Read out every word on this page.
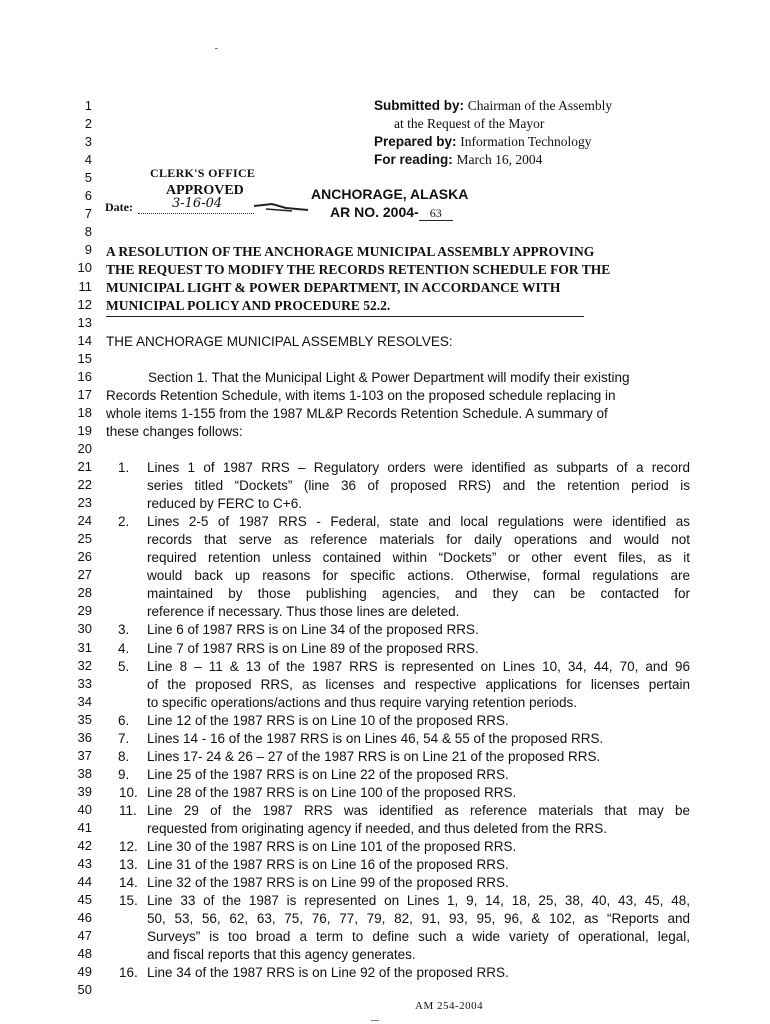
1
2
3
4
5
6
7
8
9
10
11
12
13
14
15
16
17
18
19
20
21
22
23
24
25
26
27
28
29
30
31
32
33
34
35
36
37
38
39
40
41
42
43
44
45
46
47
48
49
50
Submitted by: Chairman of the Assembly
at the Request of the Mayor
Prepared by: Information Technology
For reading: March 16, 2004
CLERK'S OFFICE
APPROVED
Date:	3-16-04
ANCHORAGE, ALASKA
AR NO. 2004- 63
A RESOLUTION OF THE ANCHORAGE MUNICIPAL ASSEMBLY APPROVING
THE REQUEST TO MODIFY THE RECORDS RETENTION SCHEDULE FOR THE
MUNICIPAL LIGHT & POWER DEPARTMENT, IN ACCORDANCE WITH
MUNICIPAL POLICY AND PROCEDURE 52.2.
THE ANCHORAGE MUNICIPAL ASSEMBLY RESOLVES:
Section 1. That the Municipal Light & Power Department will modify their existing
Records Retention Schedule, with items 1-103 on the proposed schedule replacing in
whole items 1-155 from the 1987 ML&P Records Retention Schedule. A summary of
these changes follows:
1. Lines 1 of 1987 RRS – Regulatory orders were identified as subparts of a record
series titled “Dockets” (line 36 of proposed RRS) and the retention period is
reduced by FERC to C+6.
2. Lines 2-5 of 1987 RRS - Federal, state and local regulations were identified as
records that serve as reference materials for daily operations and would not
required retention unless contained within “Dockets” or other event files, as it
would back up reasons for specific actions. Otherwise, formal regulations are
maintained by those publishing agencies, and they can be contacted for
reference if necessary. Thus those lines are deleted.
3. Line 6 of 1987 RRS is on Line 34 of the proposed RRS.
4. Line 7 of 1987 RRS is on Line 89 of the proposed RRS.
5. Line 8 – 11 & 13 of the 1987 RRS is represented on Lines 10, 34, 44, 70, and 96
of the proposed RRS, as licenses and respective applications for licenses pertain
to specific operations/actions and thus require varying retention periods.
6. Line 12 of the 1987 RRS is on Line 10 of the proposed RRS.
7. Lines 14 - 16 of the 1987 RRS is on Lines 46, 54 & 55 of the proposed RRS.
8. Lines 17- 24 & 26 – 27 of the 1987 RRS is on Line 21 of the proposed RRS.
9. Line 25 of the 1987 RRS is on Line 22 of the proposed RRS.
10. Line 28 of the 1987 RRS is on Line 100 of the proposed RRS.
11. Line 29 of the 1987 RRS was identified as reference materials that may be
requested from originating agency if needed, and thus deleted from the RRS.
12. Line 30 of the 1987 RRS is on Line 101 of the proposed RRS.
13. Line 31 of the 1987 RRS is on Line 16 of the proposed RRS.
14. Line 32 of the 1987 RRS is on Line 99 of the proposed RRS.
15. Line 33 of the 1987 is represented on Lines 1, 9, 14, 18, 25, 38, 40, 43, 45, 48,
50, 53, 56, 62, 63, 75, 76, 77, 79, 82, 91, 93, 95, 96, & 102, as “Reports and
Surveys” is too broad a term to define such a wide variety of operational, legal,
and fiscal reports that this agency generates.
16. Line 34 of the 1987 RRS is on Line 92 of the proposed RRS.
AM 254-2004
